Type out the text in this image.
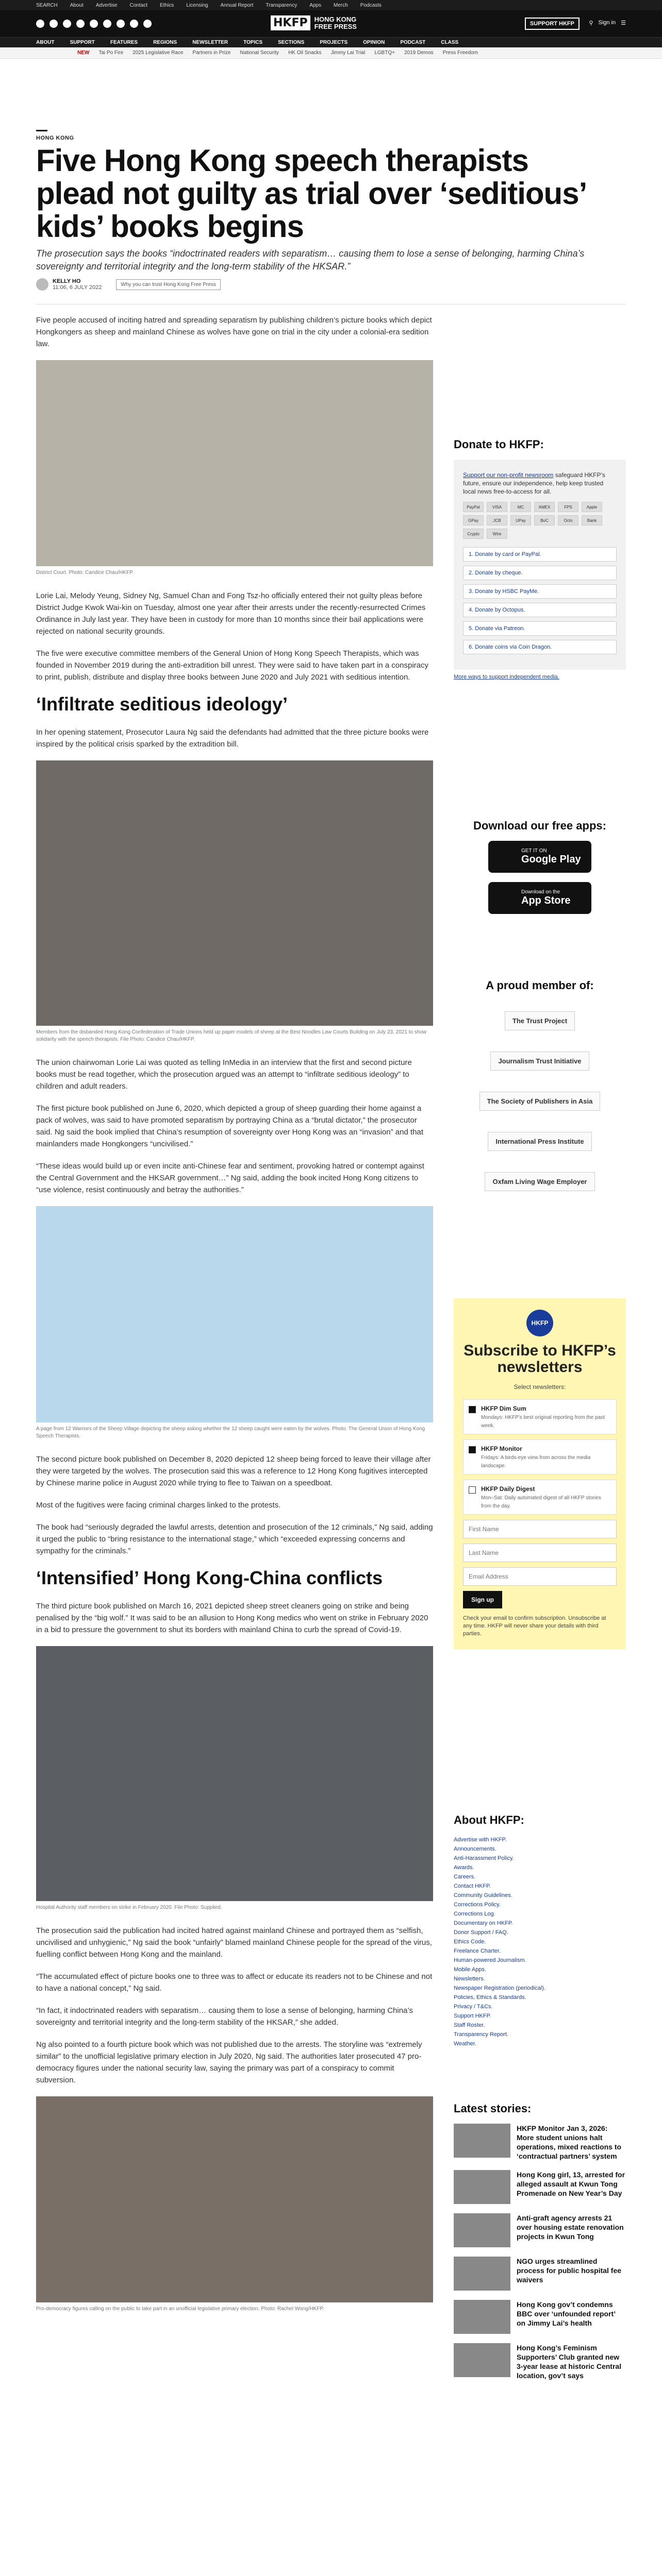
SEARCH About Advertise Contact Ethics Licensing Annual Report Transparency Apps Merch Podcasts
HKFP	HONG KONG FREE PRESS	SUPPORT HKFP	⚲ Sign in ☰
ABOUT	SUPPORT	FEATURES	REGIONS	NEWSLETTER	TOPICS	SECTIONS	PROJECTS	OPINION	PODCAST	CLASS
NEW Tai Po Fire 2025 Legislative Race Partners in Prize National Security HK Oil Snacks Jimmy Lai Trial LGBTQ+ 2019 Demos Press Freedom
HONG KONG
Five Hong Kong speech therapists plead not guilty as trial over ‘seditious’ kids’ books begins
The prosecution says the books “indoctrinated readers with separatism… causing them to lose a sense of belonging, harming China’s sovereignty and territorial integrity and the long-term stability of the HKSAR.”
KELLY HO
11:06, 6 JULY 2022	Why you can trust Hong Kong Free Press

Five people accused of inciting hatred and spreading separatism by publishing children’s picture books which depict Hongkongers as sheep and mainland Chinese as wolves have gone on trial in the city under a colonial-era sedition law.

District Court. Photo: Candice Chau/HKFP.

Lorie Lai, Melody Yeung, Sidney Ng, Samuel Chan and Fong Tsz-ho officially entered their not guilty pleas before District Judge Kwok Wai-kin on Tuesday, almost one year after their arrests under the recently-resurrected Crimes Ordinance in July last year. They have been in custody for more than 10 months since their bail applications were rejected on national security grounds.

The five were executive committee members of the General Union of Hong Kong Speech Therapists, which was founded in November 2019 during the anti-extradition bill unrest. They were said to have taken part in a conspiracy to print, publish, distribute and display three books between June 2020 and July 2021 with seditious intention.

‘Infiltrate seditious ideology’

In her opening statement, Prosecutor Laura Ng said the defendants had admitted that the three picture books were inspired by the political crisis sparked by the extradition bill.

Members from the disbanded Hong Kong Confederation of Trade Unions held up paper models of sheep at the Best Noodles Law Courts Building on July 23, 2021 to show solidarity with the speech therapists. File Photo: Candice Chau/HKFP.

The union chairwoman Lorie Lai was quoted as telling InMedia in an interview that the first and second picture books must be read together, which the prosecution argued was an attempt to “infiltrate seditious ideology” to children and adult readers.

The first picture book published on June 6, 2020, which depicted a group of sheep guarding their home against a pack of wolves, was said to have promoted separatism by portraying China as a “brutal dictator,” the prosecutor said. Ng said the book implied that China’s resumption of sovereignty over Hong Kong was an “invasion” and that mainlanders made Hongkongers “uncivilised.”

“These ideas would build up or even incite anti-Chinese fear and sentiment, provoking hatred or contempt against the Central Government and the HKSAR government…” Ng said, adding the book incited Hong Kong citizens to “use violence, resist continuously and betray the authorities.”

A page from 12 Warriors of the Sheep Village depicting the sheep asking whether the 12 sheep caught were eaten by the wolves. Photo: The General Union of Hong Kong Speech Therapists.

The second picture book published on December 8, 2020 depicted 12 sheep being forced to leave their village after they were targeted by the wolves. The prosecution said this was a reference to 12 Hong Kong fugitives intercepted by Chinese marine police in August 2020 while trying to flee to Taiwan on a speedboat.

Most of the fugitives were facing criminal charges linked to the protests.

The book had “seriously degraded the lawful arrests, detention and prosecution of the 12 criminals,” Ng said, adding it urged the public to “bring resistance to the international stage,” which “exceeded expressing concerns and sympathy for the criminals.”

‘Intensified’ Hong Kong-China conflicts

The third picture book published on March 16, 2021 depicted sheep street cleaners going on strike and being penalised by the “big wolf.” It was said to be an allusion to Hong Kong medics who went on strike in February 2020 in a bid to pressure the government to shut its borders with mainland China to curb the spread of Covid-19.

Hospital Authority staff members on strike in February 2020. File Photo: Supplied.

The prosecution said the publication had incited hatred against mainland Chinese and portrayed them as “selfish, uncivilised and unhygienic,” Ng said the book “unfairly” blamed mainland Chinese people for the spread of the virus, fuelling conflict between Hong Kong and the mainland.

“The accumulated effect of picture books one to three was to affect or educate its readers not to be Chinese and not to have a national concept,” Ng said.

“In fact, it indoctrinated readers with separatism… causing them to lose a sense of belonging, harming China’s sovereignty and territorial integrity and the long-term stability of the HKSAR,” she added.

Ng also pointed to a fourth picture book which was not published due to the arrests. The storyline was “extremely similar” to the unofficial legislative primary election in July 2020, Ng said. The authorities later prosecuted 47 pro-democracy figures under the national security law, saying the primary was part of a conspiracy to commit subversion.

Pro-democracy figures calling on the public to take part in an unofficial legislative primary election. Photo: Rachel Wong/HKFP.
Donate to HKFP:

Support our non-profit newsroom safeguard HKFP’s future, ensure our independence, help keep trusted local news free-to-access for all.

PayPal	VISA	MC	AMEX	FPS	Apple
GPay	JCB	UPay	BoC	Octo	Bank
Crypto	Wire
1. Donate by card or PayPal.
2. Donate by cheque.
3. Donate by HSBC PayMe.
4. Donate by Octopus.
5. Donate via Patreon.
6. Donate coins via Coin Dragon.
More ways to support independent media.
Download our free apps:
GET IT ON
Google Play
Download on the
App Store
A proud member of:
The Trust Project
Journalism Trust Initiative
The Society of Publishers in Asia
International Press Institute
Oxfam Living Wage Employer
HKFP
Subscribe to HKFP’s newsletters
Select newsletters:
HKFP Dim Sum
Mondays: HKFP’s best original reporting from the past week.
HKFP Monitor
Fridays: A birds-eye view from across the media landscape.
HKFP Daily Digest
Mon–Sat: Daily automated digest of all HKFP stories from the day.
First Name Last Name Email Address Sign up
Check your email to confirm subscription. Unsubscribe at any time. HKFP will never share your details with third parties.
About HKFP:
Advertise with HKFP.
Announcements.
Anti-Harassment Policy.
Awards.
Careers.
Contact HKFP.
Community Guidelines.
Corrections Policy.
Corrections Log.
Documentary on HKFP.
Donor Support / FAQ.
Ethics Code.
Freelance Charter.
Human-powered Journalism.
Mobile Apps.
Newsletters.
Newspaper Registration (periodical).
Policies, Ethics & Standards.
Privacy / T&Cs.
Support HKFP.
Staff Roster.
Transparency Report.
Weather.
Latest stories:
HKFP Monitor Jan 3, 2026: More student unions halt operations, mixed reactions to ‘contractual partners’ system
Hong Kong girl, 13, arrested for alleged assault at Kwun Tong Promenade on New Year’s Day
Anti-graft agency arrests 21 over housing estate renovation projects in Kwun Tong
NGO urges streamlined process for public hospital fee waivers
Hong Kong gov’t condemns BBC over ‘unfounded report’ on Jimmy Lai’s health
Hong Kong’s Feminism Supporters’ Club granted new 3-year lease at historic Central location, gov’t says
